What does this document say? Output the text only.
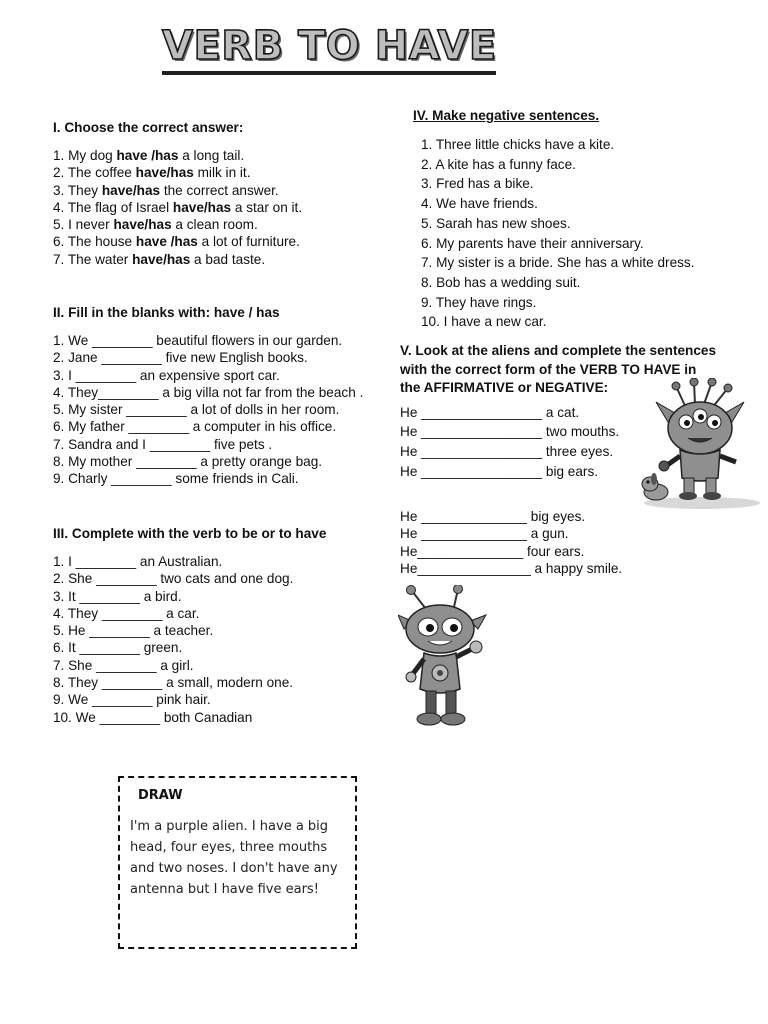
VERB TO HAVE

I. Choose the correct answer:

1. My dog have /has a long tail.
2. The coffee have/has milk in it.
3. They have/has the correct answer.
4. The flag of Israel have/has a star on it.
5. I never have/has a clean room.
6. The house have /has a lot of furniture.
7. The water have/has a bad taste.

II. Fill in the blanks with: have / has

1. We ________ beautiful flowers in our garden.
2. Jane ________ five new English books.
3. I ________ an expensive sport car.
4. They________ a big villa not far from the beach .
5. My sister ________ a lot of dolls in her room.
6. My father ________ a computer in his office.
7. Sandra and I ________ five pets .
8. My mother ________ a pretty orange bag.
9. Charly ________ some friends in Cali.

III. Complete with the verb to be or to have

1. I ________ an Australian.
2. She ________ two cats and one dog.
3. It ________ a bird.
4. They ________ a car.
5. He ________ a teacher.
6. It ________ green.
7. She ________ a girl.
8. They ________ a small, modern one.
9. We ________ pink hair.
10. We ________ both Canadian

IV. Make negative sentences.

1. Three little chicks have a kite.
2. A kite has a funny face.
3. Fred has a bike.
4. We have friends.
5. Sarah has new shoes.
6. My parents have their anniversary.
7. My sister is a bride. She has a white dress.
8. Bob has a wedding suit.
9. They have rings.
10. I have a new car.
V. Look at the aliens and complete the sentences
with the correct form of the VERB TO HAVE in
the AFFIRMATIVE or NEGATIVE:
He ________________ a cat.
He ________________ two mouths.
He ________________ three eyes.
He ________________ big ears.
He ______________ big eyes.
He ______________ a gun.
He______________ four ears.
He_______________ a happy smile.
DRAW
I'm a purple alien. I have a big head, four eyes, three mouths and two noses. I don't have any antenna but I have five ears!
